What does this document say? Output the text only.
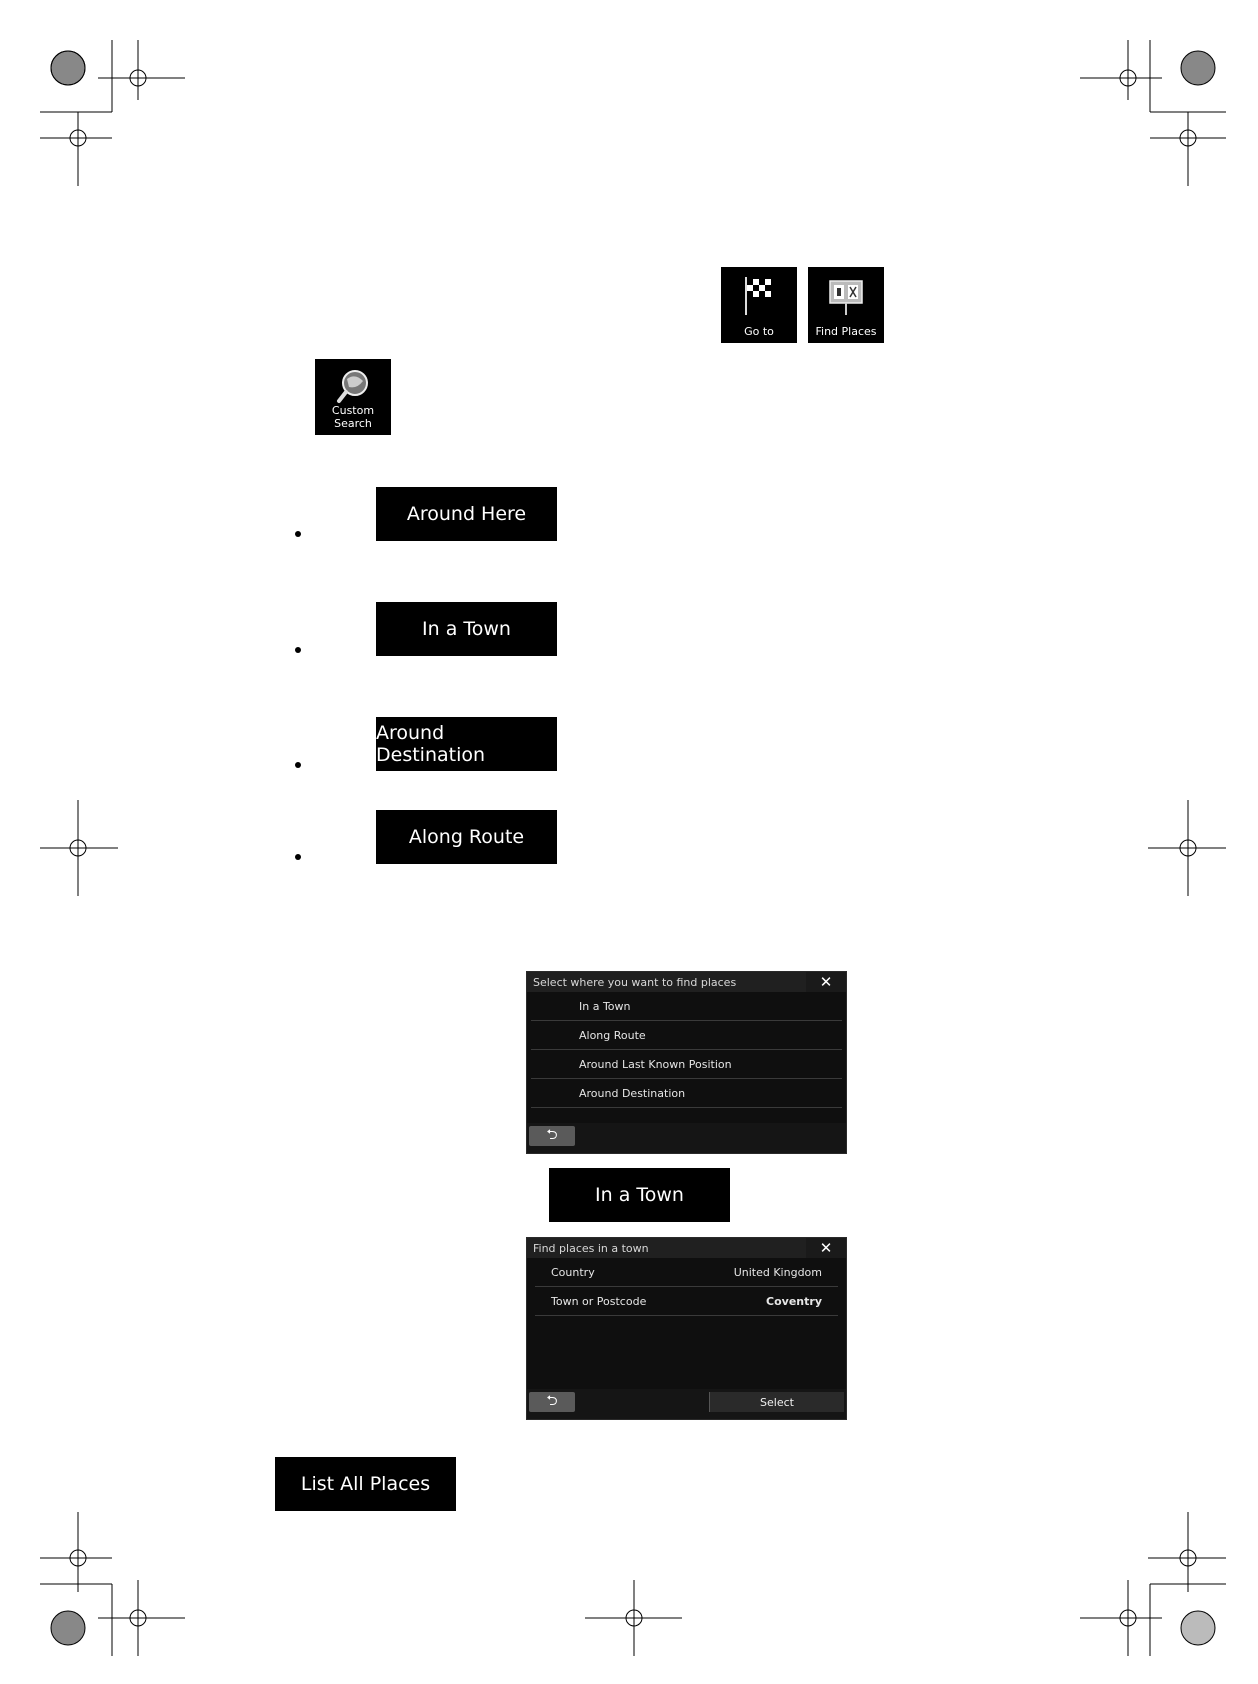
Go to	Find Places
Custom Search
Around Here
In a Town
Around Destination
Along Route
Select where you want to find places	✕
In a Town
Along Route
Around Last Known Position
Around Destination
⮌
In a Town
Find places in a town	✕
Country	United Kingdom
Town or Postcode	Coventry
⮌	Select
List All Places
